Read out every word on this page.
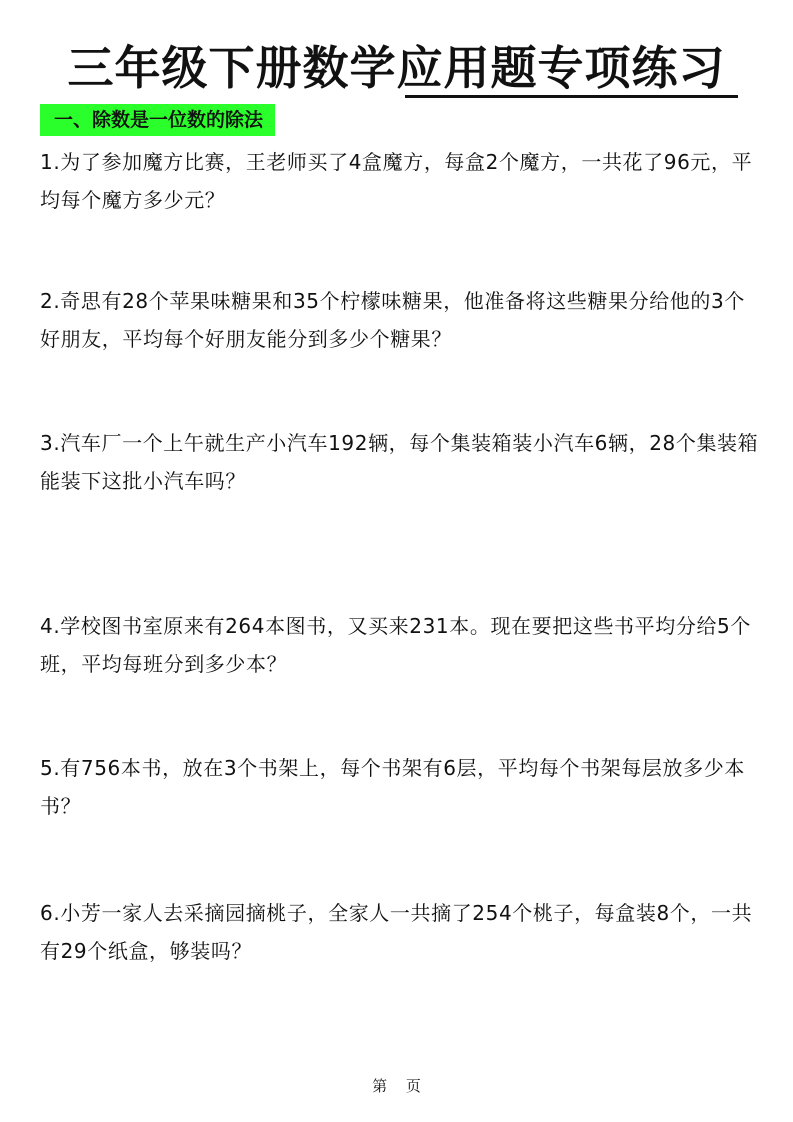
三年级下册数学应用题专项练习
一、除数是一位数的除法

1.为了参加魔方比赛，王老师买了4盒魔方，每盒2个魔方，一共花了96元，平均每个魔方多少元？

2.奇思有28个苹果味糖果和35个柠檬味糖果，他准备将这些糖果分给他的3个好朋友，平均每个好朋友能分到多少个糖果？

3.汽车厂一个上午就生产小汽车192辆，每个集装箱装小汽车6辆，28个集装箱能装下这批小汽车吗？

4.学校图书室原来有264本图书，又买来231本。现在要把这些书平均分给5个班，平均每班分到多少本？

5.有756本书，放在3个书架上，每个书架有6层，平均每个书架每层放多少本书？

6.小芳一家人去采摘园摘桃子，全家人一共摘了254个桃子，每盒装8个，一共有29个纸盒，够装吗？

第 页
